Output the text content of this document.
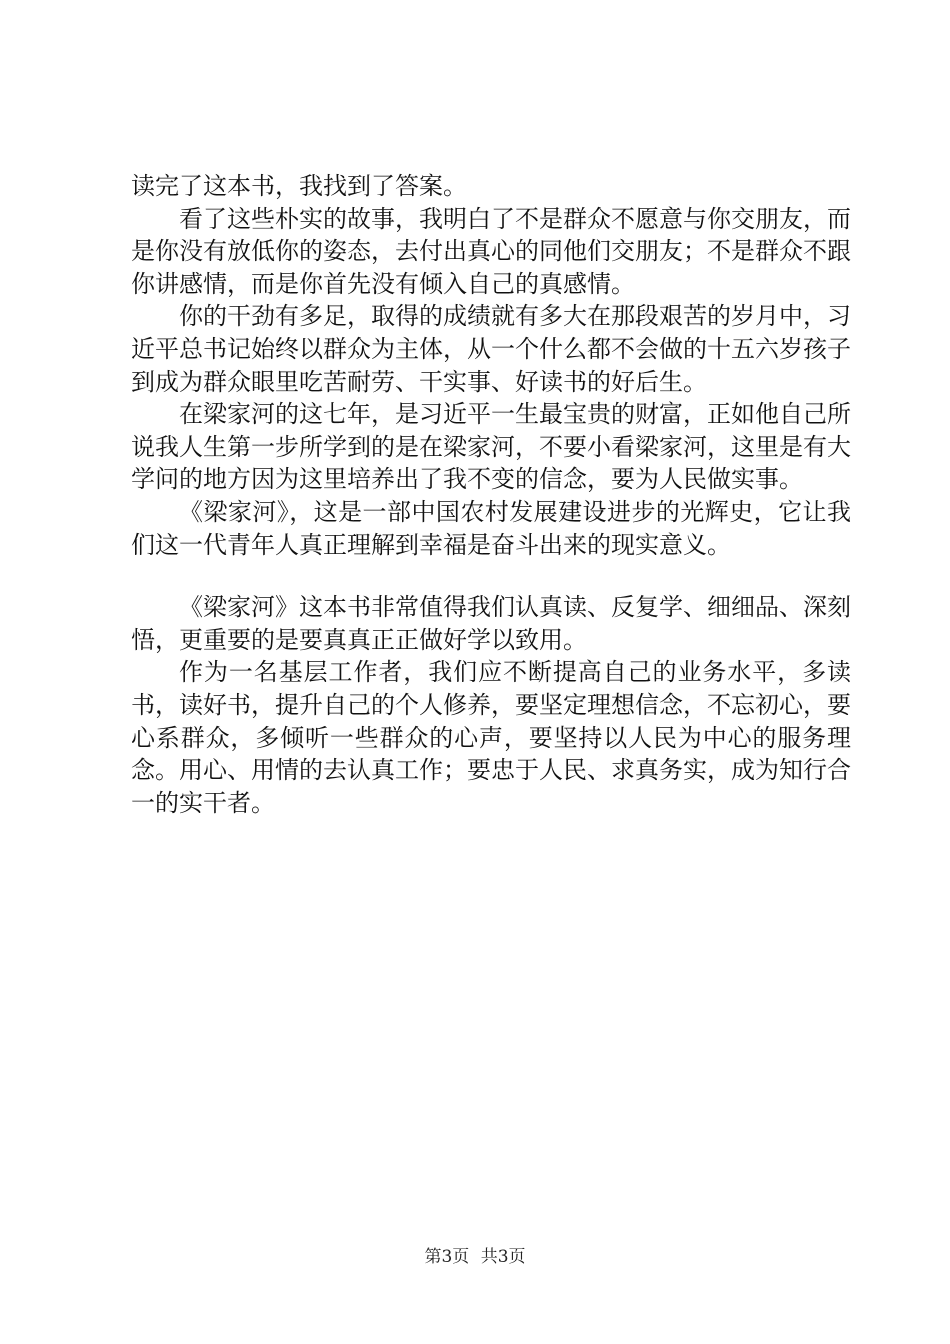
读完了这本书，我找到了答案。

看了这些朴实的故事，我明白了不是群众不愿意与你交朋友，而是你没有放低你的姿态，去付出真心的同他们交朋友；不是群众不跟你讲感情，而是你首先没有倾入自己的真感情。

你的干劲有多足，取得的成绩就有多大在那段艰苦的岁月中，习近平总书记始终以群众为主体，从一个什么都不会做的十五六岁孩子到成为群众眼里吃苦耐劳、干实事、好读书的好后生。

在梁家河的这七年，是习近平一生最宝贵的财富，正如他自己所说我人生第一步所学到的是在梁家河，不要小看梁家河，这里是有大学问的地方因为这里培养出了我不变的信念，要为人民做实事。

《梁家河》，这是一部中国农村发展建设进步的光辉史，它让我们这一代青年人真正理解到幸福是奋斗出来的现实意义。

《梁家河》这本书非常值得我们认真读、反复学、细细品、深刻悟，更重要的是要真真正正做好学以致用。

作为一名基层工作者，我们应不断提高自己的业务水平，多读书，读好书，提升自己的个人修养，要坚定理想信念，不忘初心，要心系群众，多倾听一些群众的心声，要坚持以人民为中心的服务理念。用心、用情的去认真工作；要忠于人民、求真务实，成为知行合一的实干者。

第3页 共3页
